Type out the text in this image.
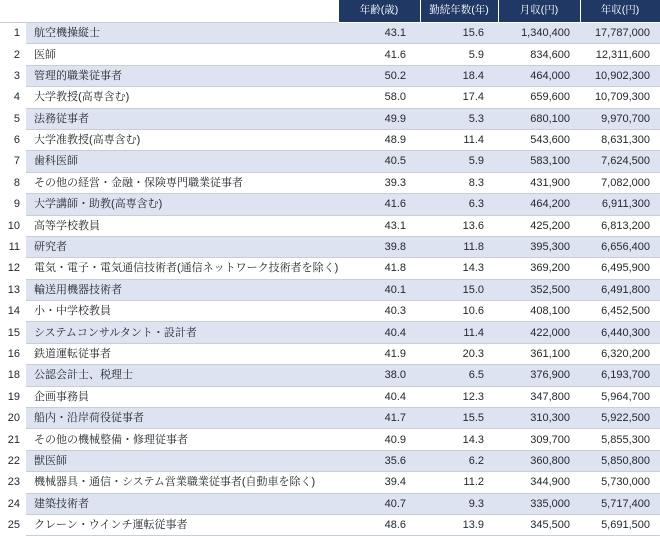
		年齢(歳)	勤続年数(年)	月収(円)	年収(円)
1	航空機操縦士	43.1	15.6	1,340,400	17,787,000
2	医師	41.6	5.9	834,600	12,311,600
3	管理的職業従事者	50.2	18.4	464,000	10,902,300
4	大学教授(高専含む)	58.0	17.4	659,600	10,709,300
5	法務従事者	49.9	5.3	680,100	9,970,700
6	大学准教授(高専含む)	48.9	11.4	543,600	8,631,300
7	歯科医師	40.5	5.9	583,100	7,624,500
8	その他の経営・金融・保険専門職業従事者	39.3	8.3	431,900	7,082,000
9	大学講師・助教(高専含む)	41.6	6.3	464,200	6,911,300
10	高等学校教員	43.1	13.6	425,200	6,813,200
11	研究者	39.8	11.8	395,300	6,656,400
12	電気・電子・電気通信技術者(通信ネットワーク技術者を除く)	41.8	14.3	369,200	6,495,900
13	輸送用機器技術者	40.1	15.0	352,500	6,491,800
14	小・中学校教員	40.3	10.6	408,100	6,452,500
15	システムコンサルタント・設計者	40.4	11.4	422,000	6,440,300
16	鉄道運転従事者	41.9	20.3	361,100	6,320,200
18	公認会計士、税理士	38.0	6.5	376,900	6,193,700
19	企画事務員	40.4	12.3	347,800	5,964,700
20	船内・沿岸荷役従事者	41.7	15.5	310,300	5,922,500
21	その他の機械整備・修理従事者	40.9	14.3	309,700	5,855,300
22	獣医師	35.6	6.2	360,800	5,850,800
23	機械器具・通信・システム営業職業従事者(自動車を除く)	39.4	11.2	344,900	5,730,000
24	建築技術者	40.7	9.3	335,000	5,717,400
25	クレーン・ウインチ運転従事者	48.6	13.9	345,500	5,691,500
